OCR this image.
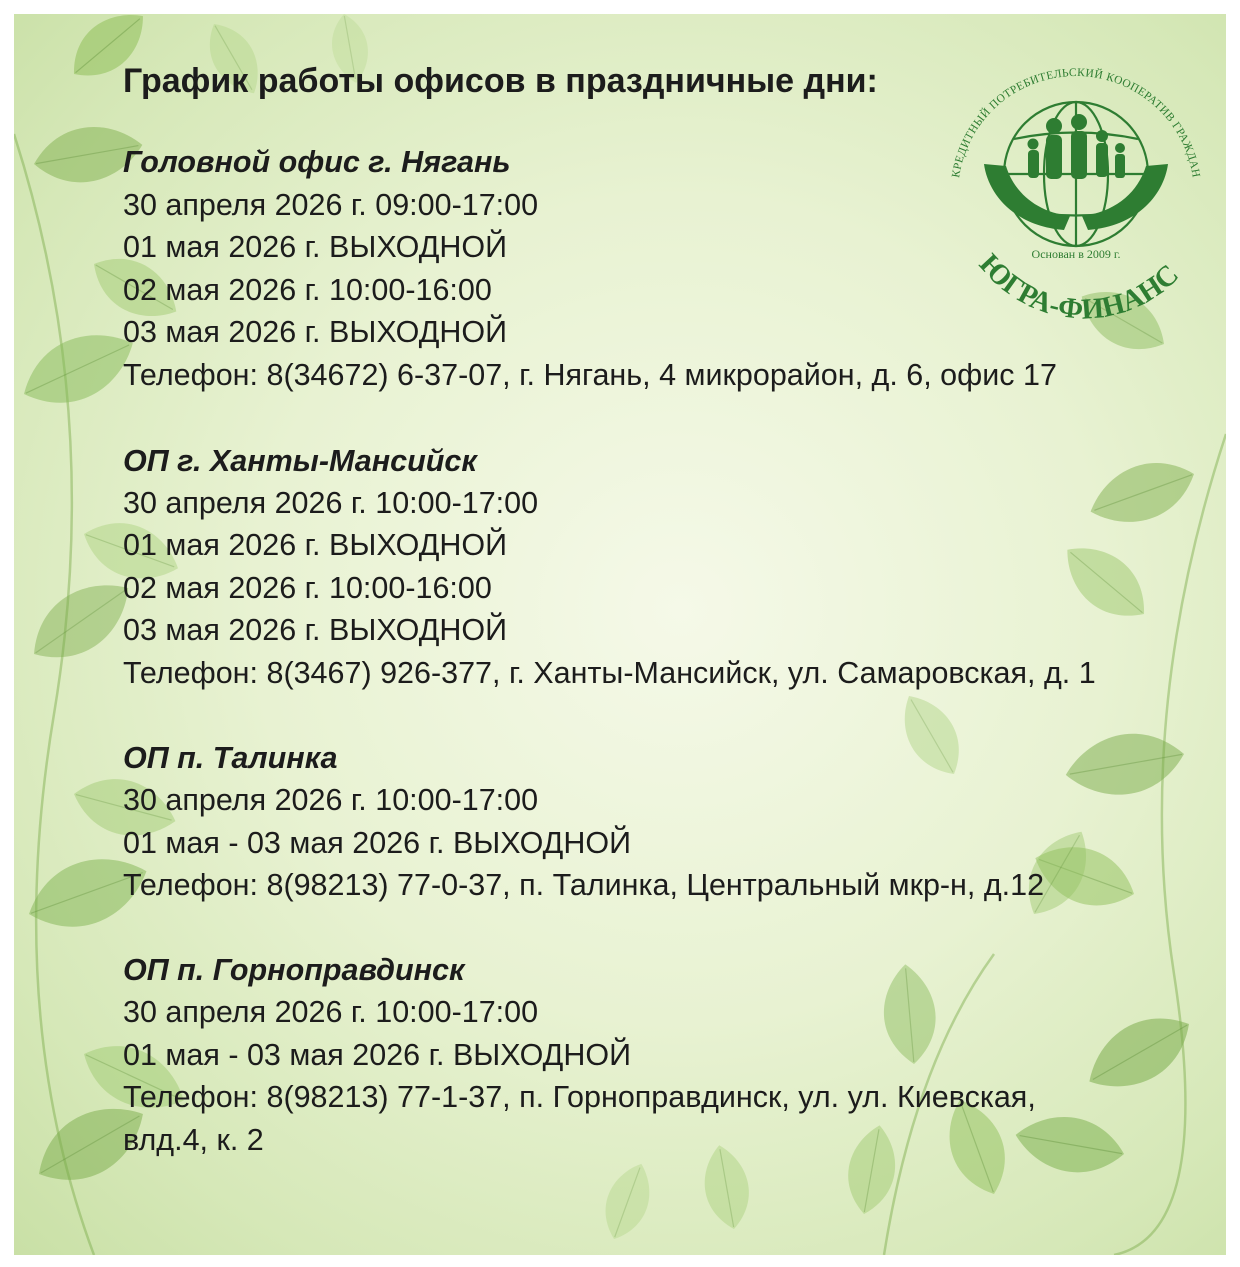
График работы офисов в праздничные дни:
Головной офис г. Нягань
30 апреля 2026 г. 09:00-17:00
01 мая 2026 г. ВЫХОДНОЙ
02 мая 2026 г. 10:00-16:00
03 мая 2026 г. ВЫХОДНОЙ
Телефон: 8(34672) 6-37-07, г. Нягань, 4 микрорайон, д. 6, офис 17
ОП г. Ханты-Мансийск
30 апреля 2026 г. 10:00-17:00
01 мая 2026 г. ВЫХОДНОЙ
02 мая 2026 г. 10:00-16:00
03 мая 2026 г. ВЫХОДНОЙ
Телефон: 8(3467) 926-377, г. Ханты-Мансийск, ул. Самаровская, д. 1
ОП п. Талинка
30 апреля 2026 г. 10:00-17:00
01 мая - 03 мая 2026 г. ВЫХОДНОЙ
Телефон: 8(98213) 77-0-37, п. Талинка, Центральный мкр-н, д.12
ОП п. Горноправдинск
30 апреля 2026 г. 10:00-17:00
01 мая - 03 мая 2026 г. ВЫХОДНОЙ
Телефон: 8(98213) 77-1-37, п. Горноправдинск, ул. ул. Киевская,
влд.4, к. 2
КРЕДИТНЫЙ ПОТРЕБИТЕЛЬСКИЙ КООПЕРАТИВ ГРАЖДАН
Основан в 2009 г.
ЮГРА-ФИНАНС
